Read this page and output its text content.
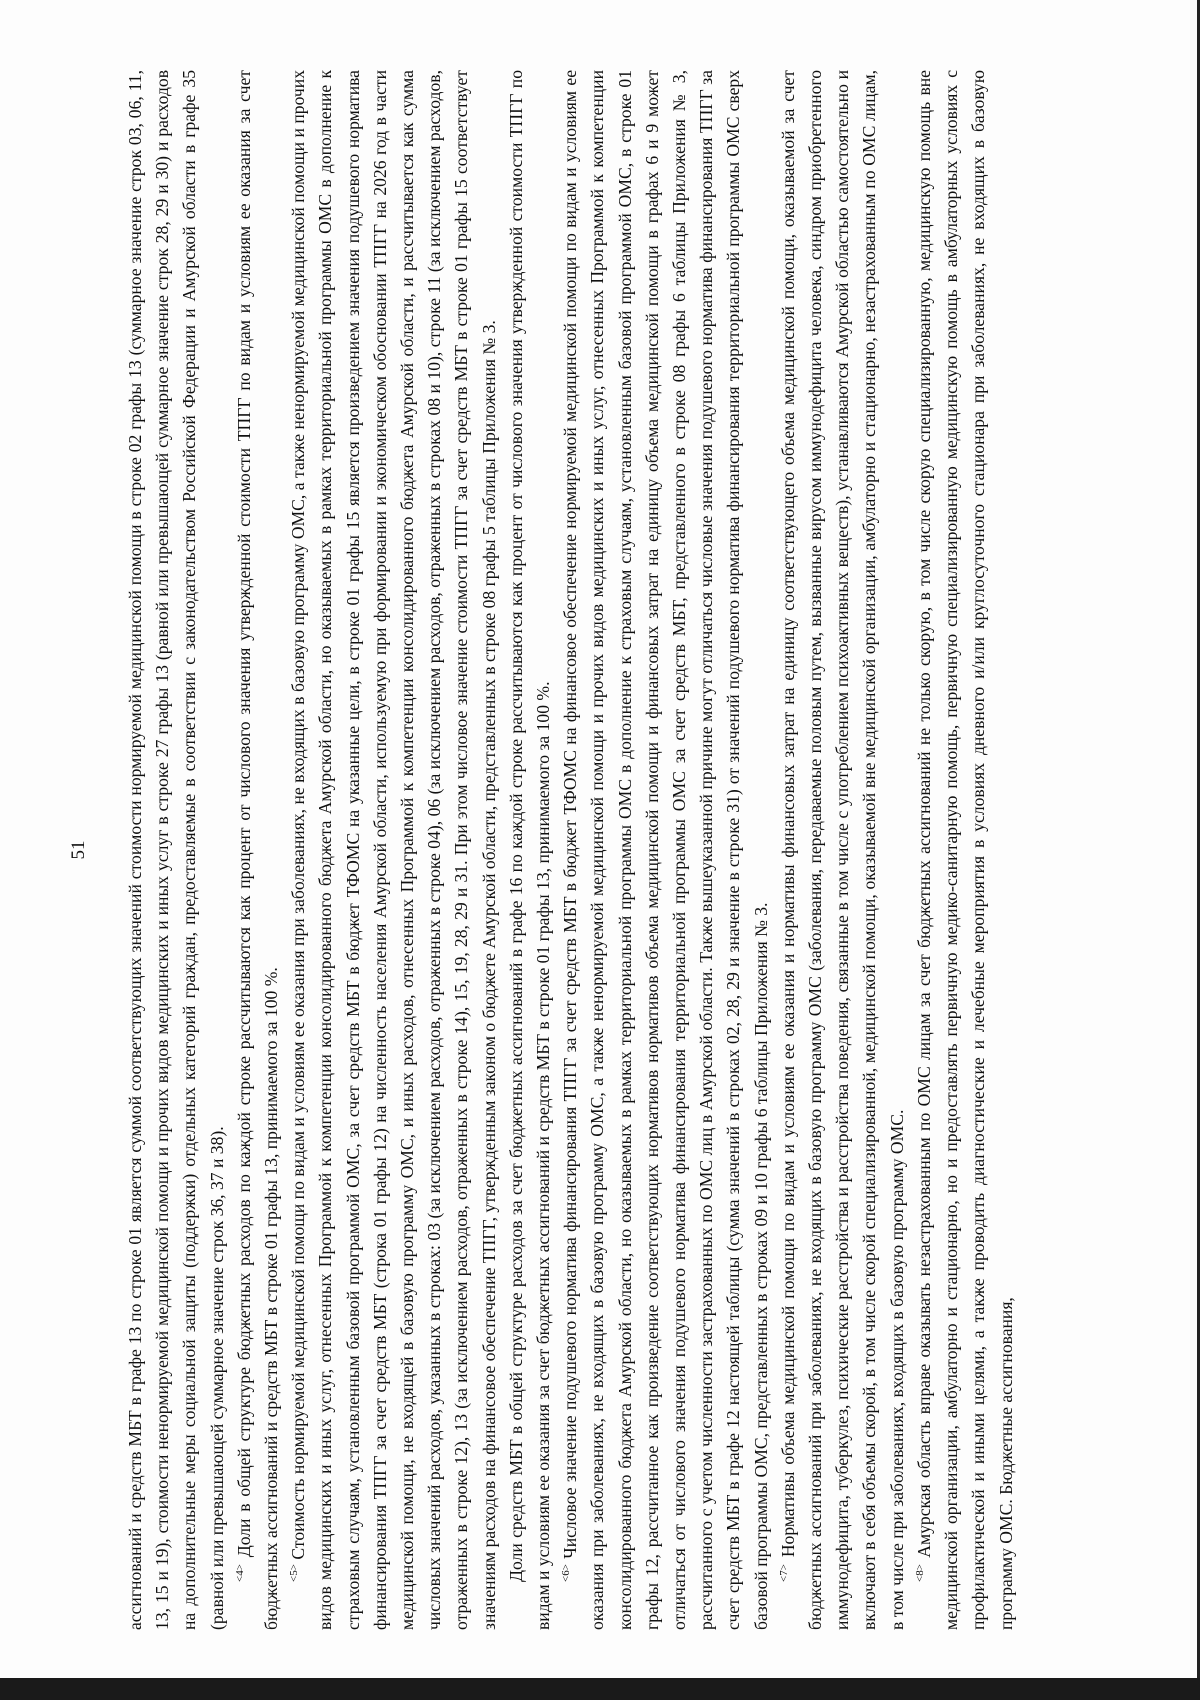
51 ассигнований и средств МБТ в графе 13 по строке 01 является суммой соответствующих значений стоимости нормируемой медицинской помощи в строке 02 графы 13 (суммарное значение строк 03, 06, 11, 13, 15 и 19), стоимости ненормируемой медицинской помощи и прочих видов медицинских и иных услуг в строке 27 графы 13 (равной или превышающей суммарное значение строк 28, 29 и 30) и расходов на дополнительные меры социальной защиты (поддержки) отдельных категорий граждан, предоставляемые в соответствии с законодательством Российской Федерации и Амурской области в графе 35 (равной или превышающей суммарное значение строк 36, 37 и 38). $^{<4>}$ Доли в общей структуре бюджетных расходов по каждой строке рассчитываются как процент от числового значения утвержденной стоимости ТПГГ по видам и условиям ее оказания за счет бюджетных ассигнований и средств МБТ в строке 01 графы 13, принимаемого за 100 %. $^{<5>}$ Стоимость нормируемой медицинской помощи по видам и условиям ее оказания при заболеваниях, не входящих в базовую программу ОМС, а также ненормируемой медицинской помощи и прочих видов медицинских и иных услуг, отнесенных Программой к компетенции консолидированного бюджета Амурской области, но оказываемых в рамках территориальной программы ОМС в дополнение к страховым случаям, установленным базовой программой ОМС, за счет средств МБТ в бюджет ТФОМС на указанные цели, в строке 01 графы 15 является произведением значения подушевого норматива финансирования ТПГГ за счет средств МБТ (строка 01 графы 12) на численность населения Амурской области, используемую при формировании и экономическом обосновании ТПГГ на 2026 год в части медицинской помощи, не входящей в базовую программу ОМС, и иных расходов, отнесенных Программой к компетенции консолидированного бюджета Амурской области, и рассчитывается как сумма числовых значений расходов, указанных в строках: 03 (за исключением расходов, отраженных в строке 04), 06 (за исключением расходов, отраженных в строках 08 и 10), строке 11 (за исключением расходов, отраженных в строке 12), 13 (за исключением расходов, отраженных в строке 14), 15, 19, 28, 29 и 31. При этом числовое значение стоимости ТПГГ за счет средств МБТ в строке 01 графы 15 соответствует значениям расходов на финансовое обеспечение ТПГГ, утвержденным законом о бюджете Амурской области, представленных в строке 08 графы 5 таблицы Приложения № 3. Доли средств МБТ в общей структуре расходов за счет бюджетных ассигнований в графе 16 по каждой строке рассчитываются как процент от числового значения утвержденной стоимости ТПГГ по видам и условиям ее оказания за счет бюджетных ассигнований и средств МБТ в строке 01 графы 13, принимаемого за 100 %. $^{<6>}$ Числовое значение подушевого норматива финансирования ТПГГ за счет средств МБТ в бюджет ТФОМС на финансовое обеспечение нормируемой медицинской помощи по видам и условиям ее оказания при заболеваниях, не входящих в базовую программу ОМС, а также ненормируемой медицинской помощи и прочих видов медицинских и иных услуг, отнесенных Программой к компетенции консолидированного бюджета Амурской области, но оказываемых в рамках территориальной программы ОМС в дополнение к страховым случаям, установленным базовой программой ОМС, в строке 01 графы 12, рассчитанное как произведение соответствующих нормативов нормативов объема медицинской помощи и финансовых затрат на единицу объема медицинской помощи в графах 6 и 9 может отличаться от числового значения подушевого норматива финансирования территориальной программы ОМС за счет средств МБТ, представленного в строке 08 графы 6 таблицы Приложения № 3, рассчитанного с учетом численности застрахованных по ОМС лиц в Амурской области. Также вышеуказанной причине могут отличаться числовые значения подушевого норматива финансирования ТПГГ за счет средств МБТ в графе 12 настоящей таблицы (сумма значений в строках 02, 28, 29 и значение в строке 31) от значений подушевого норматива финансирования территориальной программы ОМС сверх базовой программы ОМС, представленных в строках 09 и 10 графы 6 таблицы Приложения № 3. $^{<7>}$ Нормативы объема медицинской помощи по видам и условиям ее оказания и нормативы финансовых затрат на единицу соответствующего объема медицинской помощи, оказываемой за счет бюджетных ассигнований при заболеваниях, не входящих в базовую программу ОМС (заболевания, передаваемые половым путем, вызванные вирусом иммунодефицита человека, синдром приобретенного иммунодефицита, туберкулез, психические расстройства и расстройства поведения, связанные в том числе с употреблением психоактивных веществ), устанавливаются Амурской областью самостоятельно и включают в себя объемы скорой, в том числе скорой специализированной, медицинской помощи, оказываемой вне медицинской организации, амбулаторно и стационарно, незастрахованным по ОМС лицам, в том числе при заболеваниях, входящих в базовую программу ОМС. $^{<8>}$ Амурская область вправе оказывать незастрахованным по ОМС лицам за счет бюджетных ассигнований не только скорую, в том числе скорую специализированную, медицинскую помощь вне медицинской организации, амбулаторно и стационарно, но и предоставлять первичную медико-санитарную помощь, первичную специализированную медицинскую помощь в амбулаторных условиях с профилактической и иными целями, а также проводить диагностические и лечебные мероприятия в условиях дневного и/или круглосуточного стационара при заболеваниях, не входящих в базовую программу ОМС. Бюджетные ассигнования,
